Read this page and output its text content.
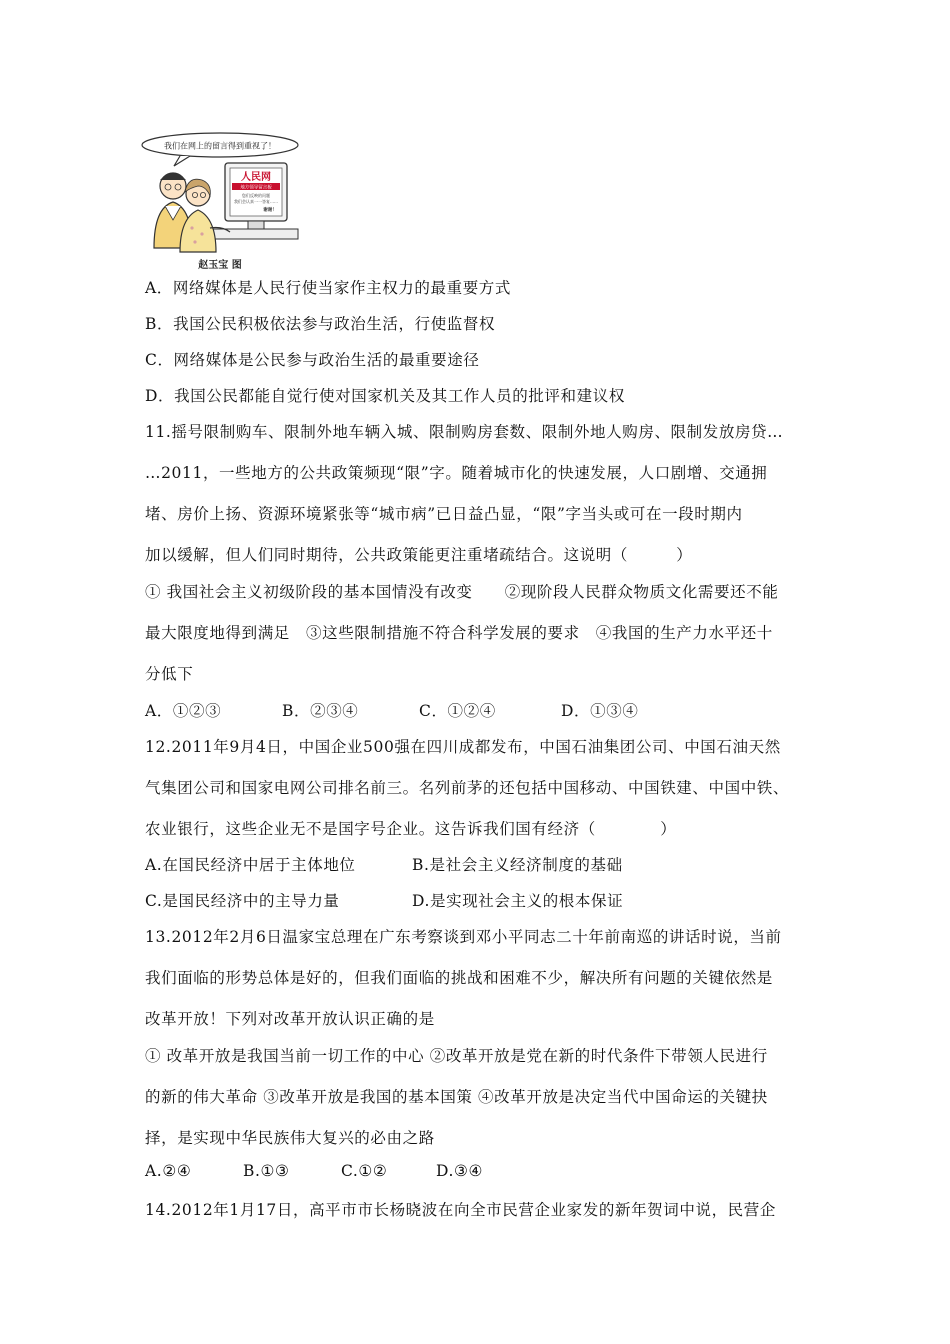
我们在网上的留言得到重视了！
人民网
地方领导留言板
您们反映的问题
我们会认真一一答复……
谢谢！
赵玉宝 图
A．网络媒体是人民行使当家作主权力的最重要方式
B．我国公民积极依法参与政治生活，行使监督权
C．网络媒体是公民参与政治生活的最重要途径
D．我国公民都能自觉行使对国家机关及其工作人员的批评和建议权
11.摇号限制购车、限制外地车辆入城、限制购房套数、限制外地人购房、限制发放房贷…
…2011，一些地方的公共政策频现“限”字。随着城市化的快速发展，人口剧增、交通拥
堵、房价上扬、资源环境紧张等“城市病”已日益凸显，“限”字当头或可在一段时期内
加以缓解，但人们同时期待，公共政策能更注重堵疏结合。这说明（　　　）
① 我国社会主义初级阶段的基本国情没有改变　　②现阶段人民群众物质文化需要还不能
最大限度地得到满足　③这些限制措施不符合科学发展的要求　④我国的生产力水平还十
分低下
A．①②③	B．②③④	C．①②④	D．①③④
12.2011年9月4日，中国企业500强在四川成都发布，中国石油集团公司、中国石油天然
气集团公司和国家电网公司排名前三。名列前茅的还包括中国移动、中国铁建、中国中铁、
农业银行，这些企业无不是国字号企业。这告诉我们国有经济（　　　　）
A.在国民经济中居于主体地位	B.是社会主义经济制度的基础
C.是国民经济中的主导力量	D.是实现社会主义的根本保证
13.2012年2月6日温家宝总理在广东考察谈到邓小平同志二十年前南巡的讲话时说，当前
我们面临的形势总体是好的，但我们面临的挑战和困难不少，解决所有问题的关键依然是
改革开放！下列对改革开放认识正确的是
① 改革开放是我国当前一切工作的中心 ②改革开放是党在新的时代条件下带领人民进行
的新的伟大革命 ③改革开放是我国的基本国策 ④改革开放是决定当代中国命运的关键抉
择，是实现中华民族伟大复兴的必由之路
A.②④	B.①③	C.①②	D.③④
14.2012年1月17日，高平市市长杨晓波在向全市民营企业家发的新年贺词中说，民营企
